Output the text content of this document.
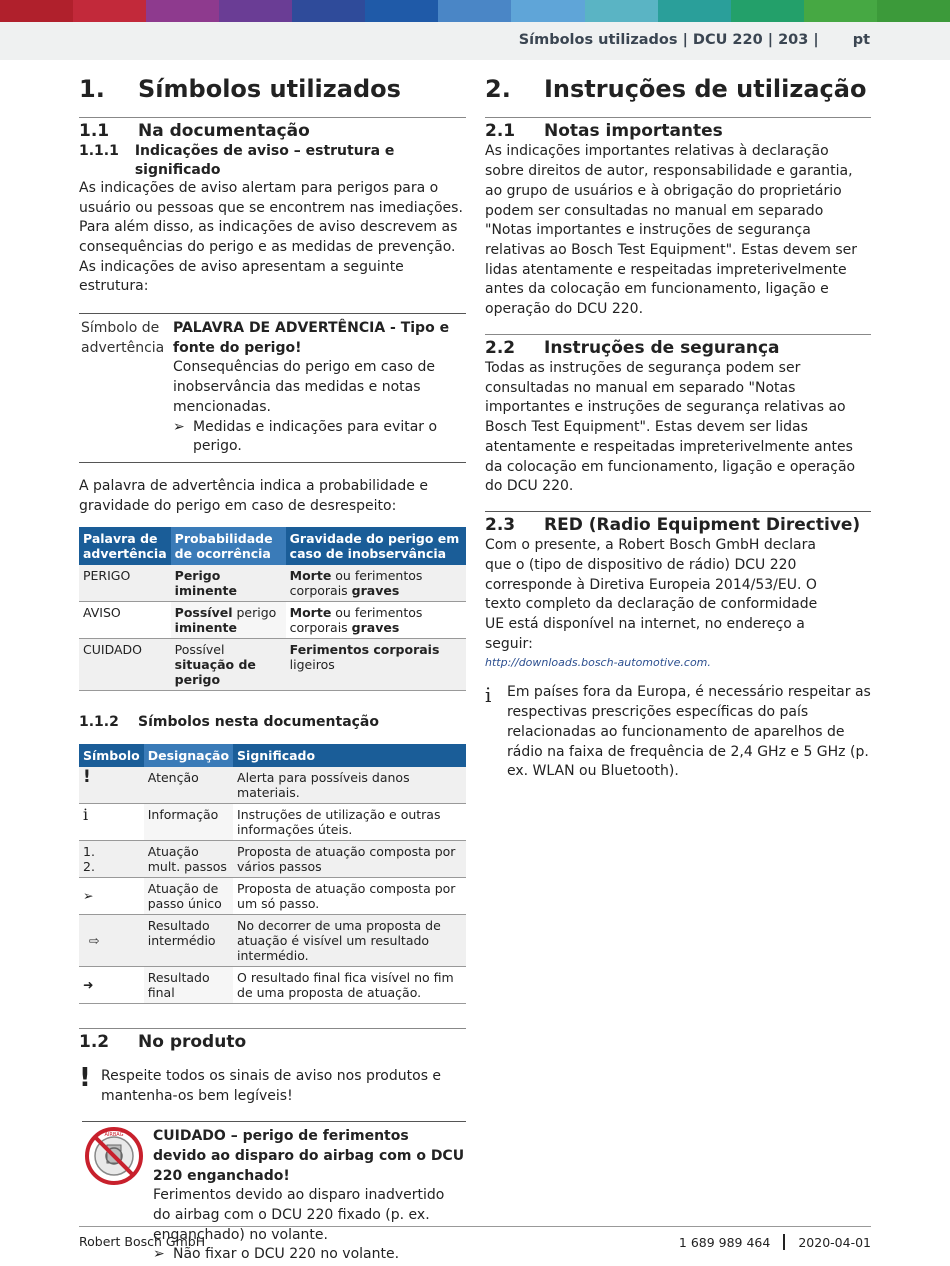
Símbolos utilizados | DCU 220 | 203 | pt
1.	Símbolos utilizados
1.1	Na documentação
1.1.1	Indicações de aviso – estrutura e significado

As indicações de aviso alertam para perigos para o usuário ou pessoas que se encontrem nas imediações. Para além disso, as indicações de aviso descrevem as consequências do perigo e as medidas de prevenção. As indicações de aviso apresentam a seguinte estrutura:

Símbolo de advertência
PALAVRA DE ADVERTÊNCIA - Tipo e fonte do perigo!
Consequências do perigo em caso de inobservância das medidas e notas mencionadas.
➢ Medidas e indicações para evitar o perigo.

A palavra de advertência indica a probabilidade e gravidade do perigo em caso de desrespeito:

Palavra de advertência	Probabilidade de ocorrência	Gravidade do perigo em caso de inobservância
PERIGO	Perigo iminente	Morte ou ferimentos corporais graves
AVISO	Possível perigo iminente	Morte ou ferimentos corporais graves
CUIDADO	Possível situação de perigo	Ferimentos corporais ligeiros
1.1.2	Símbolos nesta documentação
Símbolo	Designação	Significado
!	Atenção	Alerta para possíveis danos materiais.
i	Informação	Instruções de utilização e outras informações úteis.
1.
2.	Atuação mult. passos	Proposta de atuação composta por vários passos
➢	Atuação de passo único	Proposta de atuação composta por um só passo.
⇨	Resultado intermédio	No decorrer de uma proposta de atuação é visível um resultado intermédio.
➜	Resultado final	O resultado final fica visível no fim de uma proposta de atuação.
1.2	No produto
! Respeite todos os sinais de aviso nos produtos e mantenha-os bem legíveis!
AIRBAG CUIDADO – perigo de ferimentos devido ao disparo do airbag com o DCU 220 enganchado!
Ferimentos devido ao disparo inadvertido do airbag com o DCU 220 fixado (p. ex. enganchado) no volante.
➢ Não fixar o DCU 220 no volante.
2.	Instruções de utilização
2.1	Notas importantes

As indicações importantes relativas à declaração sobre direitos de autor, responsabilidade e garantia, ao grupo de usuários e à obrigação do proprietário podem ser consultadas no manual em separado "Notas importantes e instruções de segurança relativas ao Bosch Test Equipment". Estas devem ser lidas atentamente e respeitadas impreterivelmente antes da colocação em funcionamento, ligação e operação do DCU 220.

2.2	Instruções de segurança

Todas as instruções de segurança podem ser consultadas no manual em separado "Notas importantes e instruções de segurança relativas ao Bosch Test Equipment". Estas devem ser lidas atentamente e respeitadas impreterivelmente antes da colocação em funcionamento, ligação e operação do DCU 220.

2.3	RED (Radio Equipment Directive)

Com o presente, a Robert Bosch GmbH declara que o (tipo de dispositivo de rádio) DCU 220 corresponde à Diretiva Europeia 2014/53/EU. O texto completo da declaração de conformidade UE está disponível na internet, no endereço a seguir:

http://downloads.bosch-automotive.com.
i	Em países fora da Europa, é necessário respeitar as respectivas prescrições específicas do país relacionadas ao funcionamento de aparelhos de rádio na faixa de frequência de 2,4 GHz e 5 GHz (p. ex. WLAN ou Bluetooth).
Robert Bosch GmbH	1 689 989 464 2020-04-01
